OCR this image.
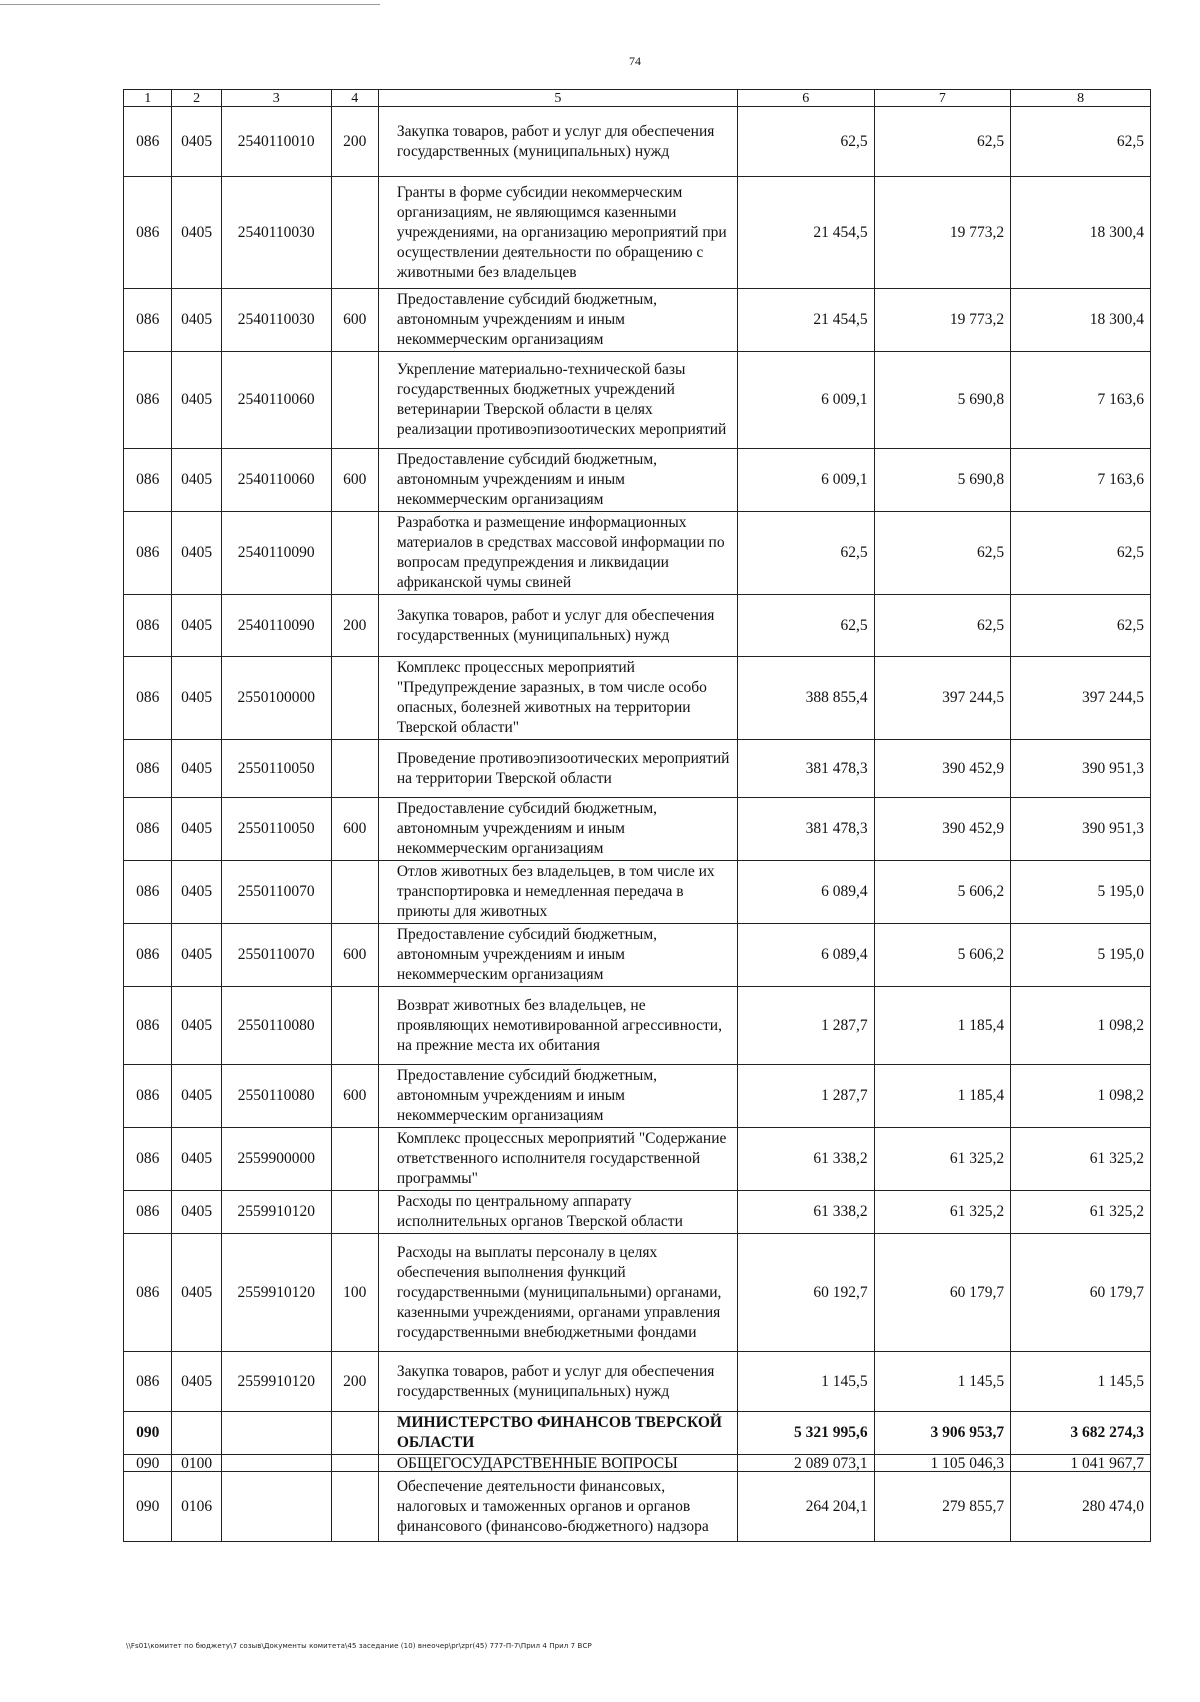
74
1	2	3	4	5	6	7	8
086	0405	2540110010	200	Закупка товаров, работ и услуг для обеспечения государственных (муниципальных) нужд	62,5	62,5	62,5
086	0405	2540110030		Гранты в форме субсидии некоммерческим организациям, не являющимся казенными учреждениями, на организацию мероприятий при осуществлении деятельности по обращению с животными без владельцев	21 454,5	19 773,2	18 300,4
086	0405	2540110030	600	Предоставление субсидий бюджетным, автономным учреждениям и иным некоммерческим организациям	21 454,5	19 773,2	18 300,4
086	0405	2540110060		Укрепление материально-технической базы государственных бюджетных учреждений ветеринарии Тверской области в целях реализации противоэпизоотических мероприятий	6 009,1	5 690,8	7 163,6
086	0405	2540110060	600	Предоставление субсидий бюджетным, автономным учреждениям и иным некоммерческим организациям	6 009,1	5 690,8	7 163,6
086	0405	2540110090		Разработка и размещение информационных материалов в средствах массовой информации по вопросам предупреждения и ликвидации африканской чумы свиней	62,5	62,5	62,5
086	0405	2540110090	200	Закупка товаров, работ и услуг для обеспечения государственных (муниципальных) нужд	62,5	62,5	62,5
086	0405	2550100000		Комплекс процессных мероприятий "Предупреждение заразных, в том числе особо опасных, болезней животных на территории Тверской области"	388 855,4	397 244,5	397 244,5
086	0405	2550110050		Проведение противоэпизоотических мероприятий на территории Тверской области	381 478,3	390 452,9	390 951,3
086	0405	2550110050	600	Предоставление субсидий бюджетным, автономным учреждениям и иным некоммерческим организациям	381 478,3	390 452,9	390 951,3
086	0405	2550110070		Отлов животных без владельцев, в том числе их транспортировка и немедленная передача в приюты для животных	6 089,4	5 606,2	5 195,0
086	0405	2550110070	600	Предоставление субсидий бюджетным, автономным учреждениям и иным некоммерческим организациям	6 089,4	5 606,2	5 195,0
086	0405	2550110080		Возврат животных без владельцев, не проявляющих немотивированной агрессивности, на прежние места их обитания	1 287,7	1 185,4	1 098,2
086	0405	2550110080	600	Предоставление субсидий бюджетным, автономным учреждениям и иным некоммерческим организациям	1 287,7	1 185,4	1 098,2
086	0405	2559900000		Комплекс процессных мероприятий "Содержание ответственного исполнителя государственной программы"	61 338,2	61 325,2	61 325,2
086	0405	2559910120		Расходы по центральному аппарату исполнительных органов Тверской области	61 338,2	61 325,2	61 325,2
086	0405	2559910120	100	Расходы на выплаты персоналу в целях обеспечения выполнения функций государственными (муниципальными) органами, казенными учреждениями, органами управления государственными внебюджетными фондами	60 192,7	60 179,7	60 179,7
086	0405	2559910120	200	Закупка товаров, работ и услуг для обеспечения государственных (муниципальных) нужд	1 145,5	1 145,5	1 145,5
090				МИНИСТЕРСТВО ФИНАНСОВ ТВЕРСКОЙ ОБЛАСТИ	5 321 995,6	3 906 953,7	3 682 274,3
090	0100			ОБЩЕГОСУДАРСТВЕННЫЕ ВОПРОСЫ	2 089 073,1	1 105 046,3	1 041 967,7
090	0106			Обеспечение деятельности финансовых, налоговых и таможенных органов и органов финансового (финансово-бюджетного) надзора	264 204,1	279 855,7	280 474,0
\\Fs01\комитет по бюджету\7 созыв\Документы комитета\45 заседание (10) внеочер\pr\zpr(45) 777-П-7\Прил 4 Прил 7 ВСР
